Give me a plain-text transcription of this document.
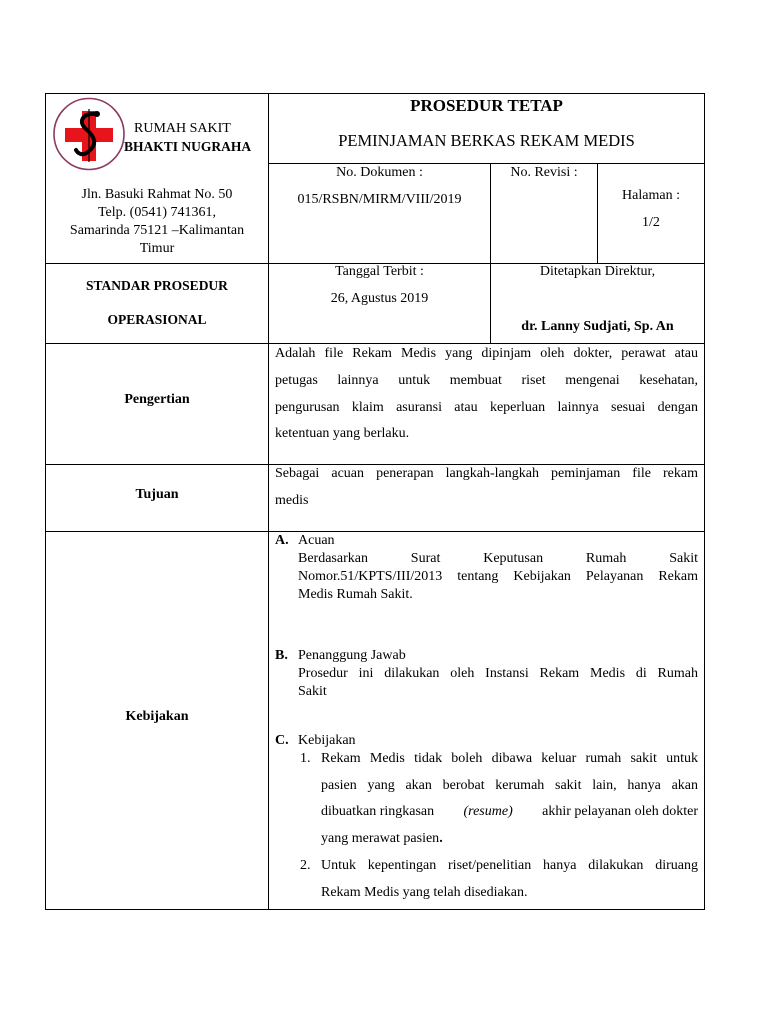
RUMAH SAKIT
BHAKTI NUGRAHA
Jln. Basuki Rahmat No. 50
Telp. (0541) 741361,
Samarinda 75121 –Kalimantan
Timur
PROSEDUR TETAP
PEMINJAMAN BERKAS REKAM MEDIS
No. Dokumen :
015/RSBN/MIRM/VIII/2019
No. Revisi :
Halaman :
1/2
STANDAR PROSEDUR
OPERASIONAL
Tanggal Terbit :
26, Agustus 2019
Ditetapkan Direktur,
dr. Lanny Sudjati, Sp. An
Pengertian
Adalah file Rekam Medis yang dipinjam oleh dokter, perawat atau
petugas lainnya untuk membuat riset mengenai kesehatan,
pengurusan klaim asuransi atau keperluan lainnya sesuai dengan
ketentuan yang berlaku.
Tujuan
Sebagai acuan penerapan langkah-langkah peminjaman file rekam
medis
Kebijakan
A. Acuan
Berdasarkan Surat Keputusan Rumah Sakit
Nomor.51/KPTS/III/2013 tentang Kebijakan Pelayanan Rekam
Medis Rumah Sakit.
B. Penanggung Jawab
Prosedur ini dilakukan oleh Instansi Rekam Medis di Rumah
Sakit
C. Kebijakan
1. Rekam Medis tidak boleh dibawa keluar rumah sakit untuk
pasien yang akan berobat kerumah sakit lain, hanya akan
dibuatkan ringkasan (resume) akhir pelayanan oleh dokter
yang merawat pasien.
2. Untuk kepentingan riset/penelitian hanya dilakukan diruang
Rekam Medis yang telah disediakan.
